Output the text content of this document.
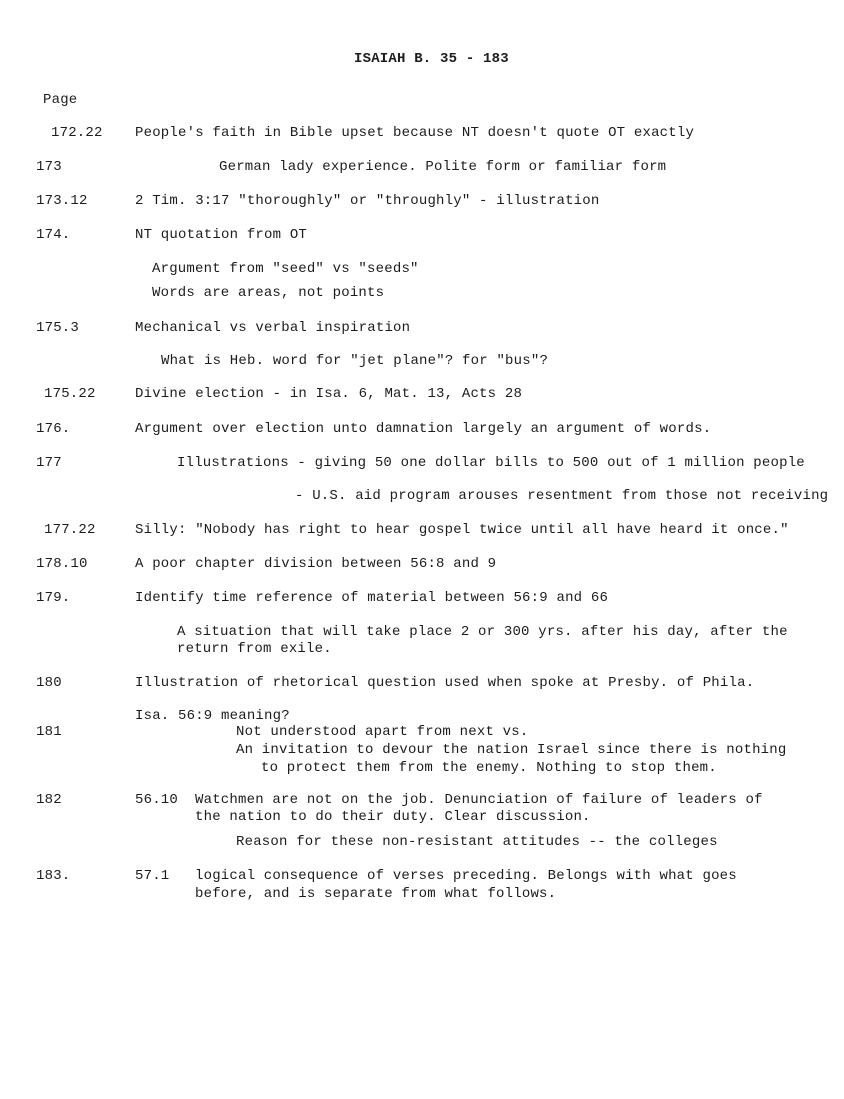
ISAIAH B. 35 - 183
Page
172.22 People's faith in Bible upset because NT doesn't quote OT exactly
173	German lady experience. Polite form or familiar form
173.12	2 Tim. 3:17 "thoroughly" or "throughly" - illustration
174.	NT quotation from OT
Argument from "seed" vs "seeds"
Words are areas, not points
175.3	Mechanical vs verbal inspiration
What is Heb. word for "jet plane"? for "bus"?
175.22	Divine election - in Isa. 6, Mat. 13, Acts 28
176.	Argument over election unto damnation largely an argument of words.
177	Illustrations - giving 50 one dollar bills to 500 out of 1 million people
- U.S. aid program arouses resentment from those not receiving
177.22	Silly: "Nobody has right to hear gospel twice until all have heard it once."
178.10	A poor chapter division between 56:8 and 9
179.	Identify time reference of material between 56:9 and 66
A situation that will take place 2 or 300 yrs. after his day, after the
return from exile.
180	Illustration of rhetorical question used when spoke at Presby. of Phila.
Isa. 56:9 meaning?
181	Not understood apart from next vs.
An invitation to devour the nation Israel since there is nothing
to protect them from the enemy. Nothing to stop them.
182	56.10 Watchmen are not on the job. Denunciation of failure of leaders of
the nation to do their duty. Clear discussion.
Reason for these non-resistant attitudes -- the colleges
183.	57.1 logical consequence of verses preceding. Belongs with what goes
before, and is separate from what follows.
